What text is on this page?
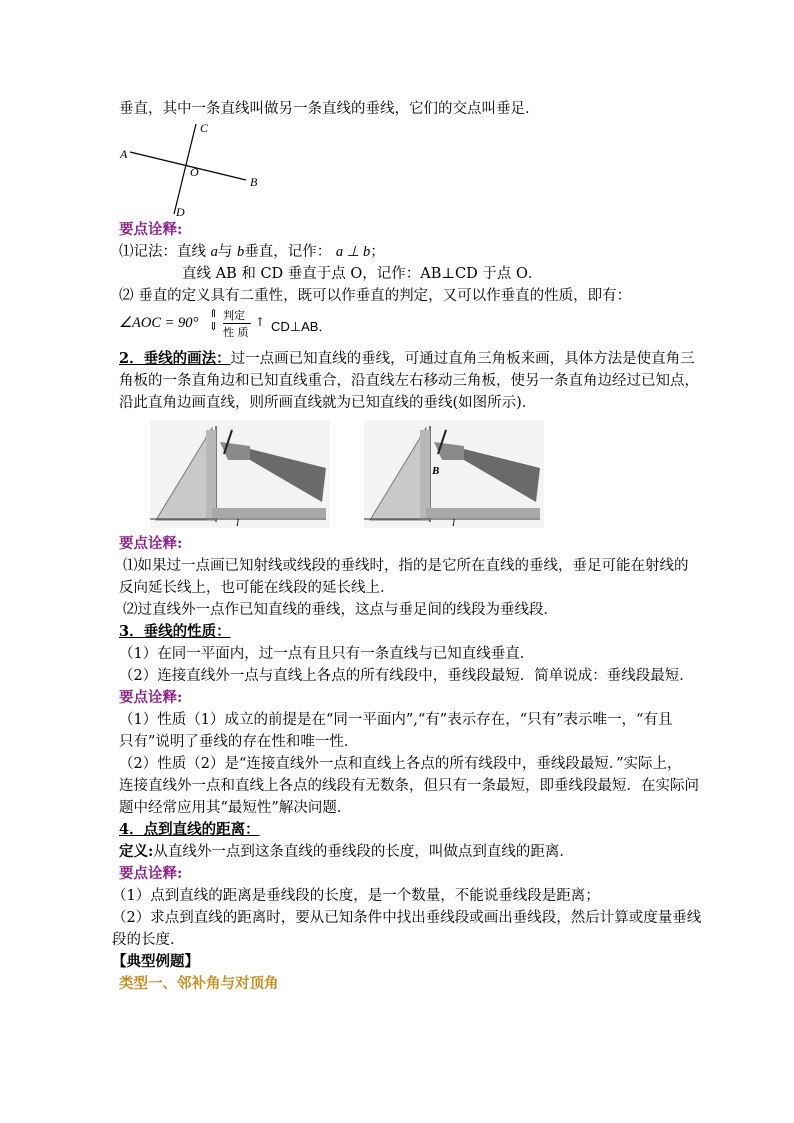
垂直，其中一条直线叫做另一条直线的垂线，它们的交点叫垂足．
C
A
O
B
D
要点诠释:
⑴记法：直线 a与 b垂直，记作： a ⊥ b；
直线 AB 和 CD 垂直于点 O，记作：AB⊥CD 于点 O．
⑵ 垂直的定义具有二重性，既可以作垂直的判定，又可以作垂直的性质，即有：
∠AOC = 90°
⇑
⇓
判定
性 质
↑ CD⊥AB．
2．垂线的画法：过一点画已知直线的垂线，可通过直角三角板来画，具体方法是使直角三
角板的一条直角边和已知直线重合，沿直线左右移动三角板，使另一条直角边经过已知点，
沿此直角边画直线，则所画直线就为已知直线的垂线(如图所示)．
l
B
l
要点诠释:
⑴如果过一点画已知射线或线段的垂线时，指的是它所在直线的垂线，垂足可能在射线的
反向延长线上，也可能在线段的延长线上．
⑵过直线外一点作已知直线的垂线，这点与垂足间的线段为垂线段．
3．垂线的性质：
（1）在同一平面内，过一点有且只有一条直线与已知直线垂直．
（2）连接直线外一点与直线上各点的所有线段中，垂线段最短．简单说成：垂线段最短．
要点诠释:
（1）性质（1）成立的前提是在“同一平面内”,“有”表示存在，“只有”表示唯一，“有且
只有”说明了垂线的存在性和唯一性．
（2）性质（2）是“连接直线外一点和直线上各点的所有线段中，垂线段最短．”实际上，
连接直线外一点和直线上各点的线段有无数条，但只有一条最短，即垂线段最短．在实际问
题中经常应用其“最短性”解决问题．
4．点到直线的距离：
定义:从直线外一点到这条直线的垂线段的长度，叫做点到直线的距离．
要点诠释:
（1）点到直线的距离是垂线段的长度，是一个数量，不能说垂线段是距离；
（2）求点到直线的距离时，要从已知条件中找出垂线段或画出垂线段，然后计算或度量垂线
段的长度．
【典型例题】
类型一、邻补角与对顶角
